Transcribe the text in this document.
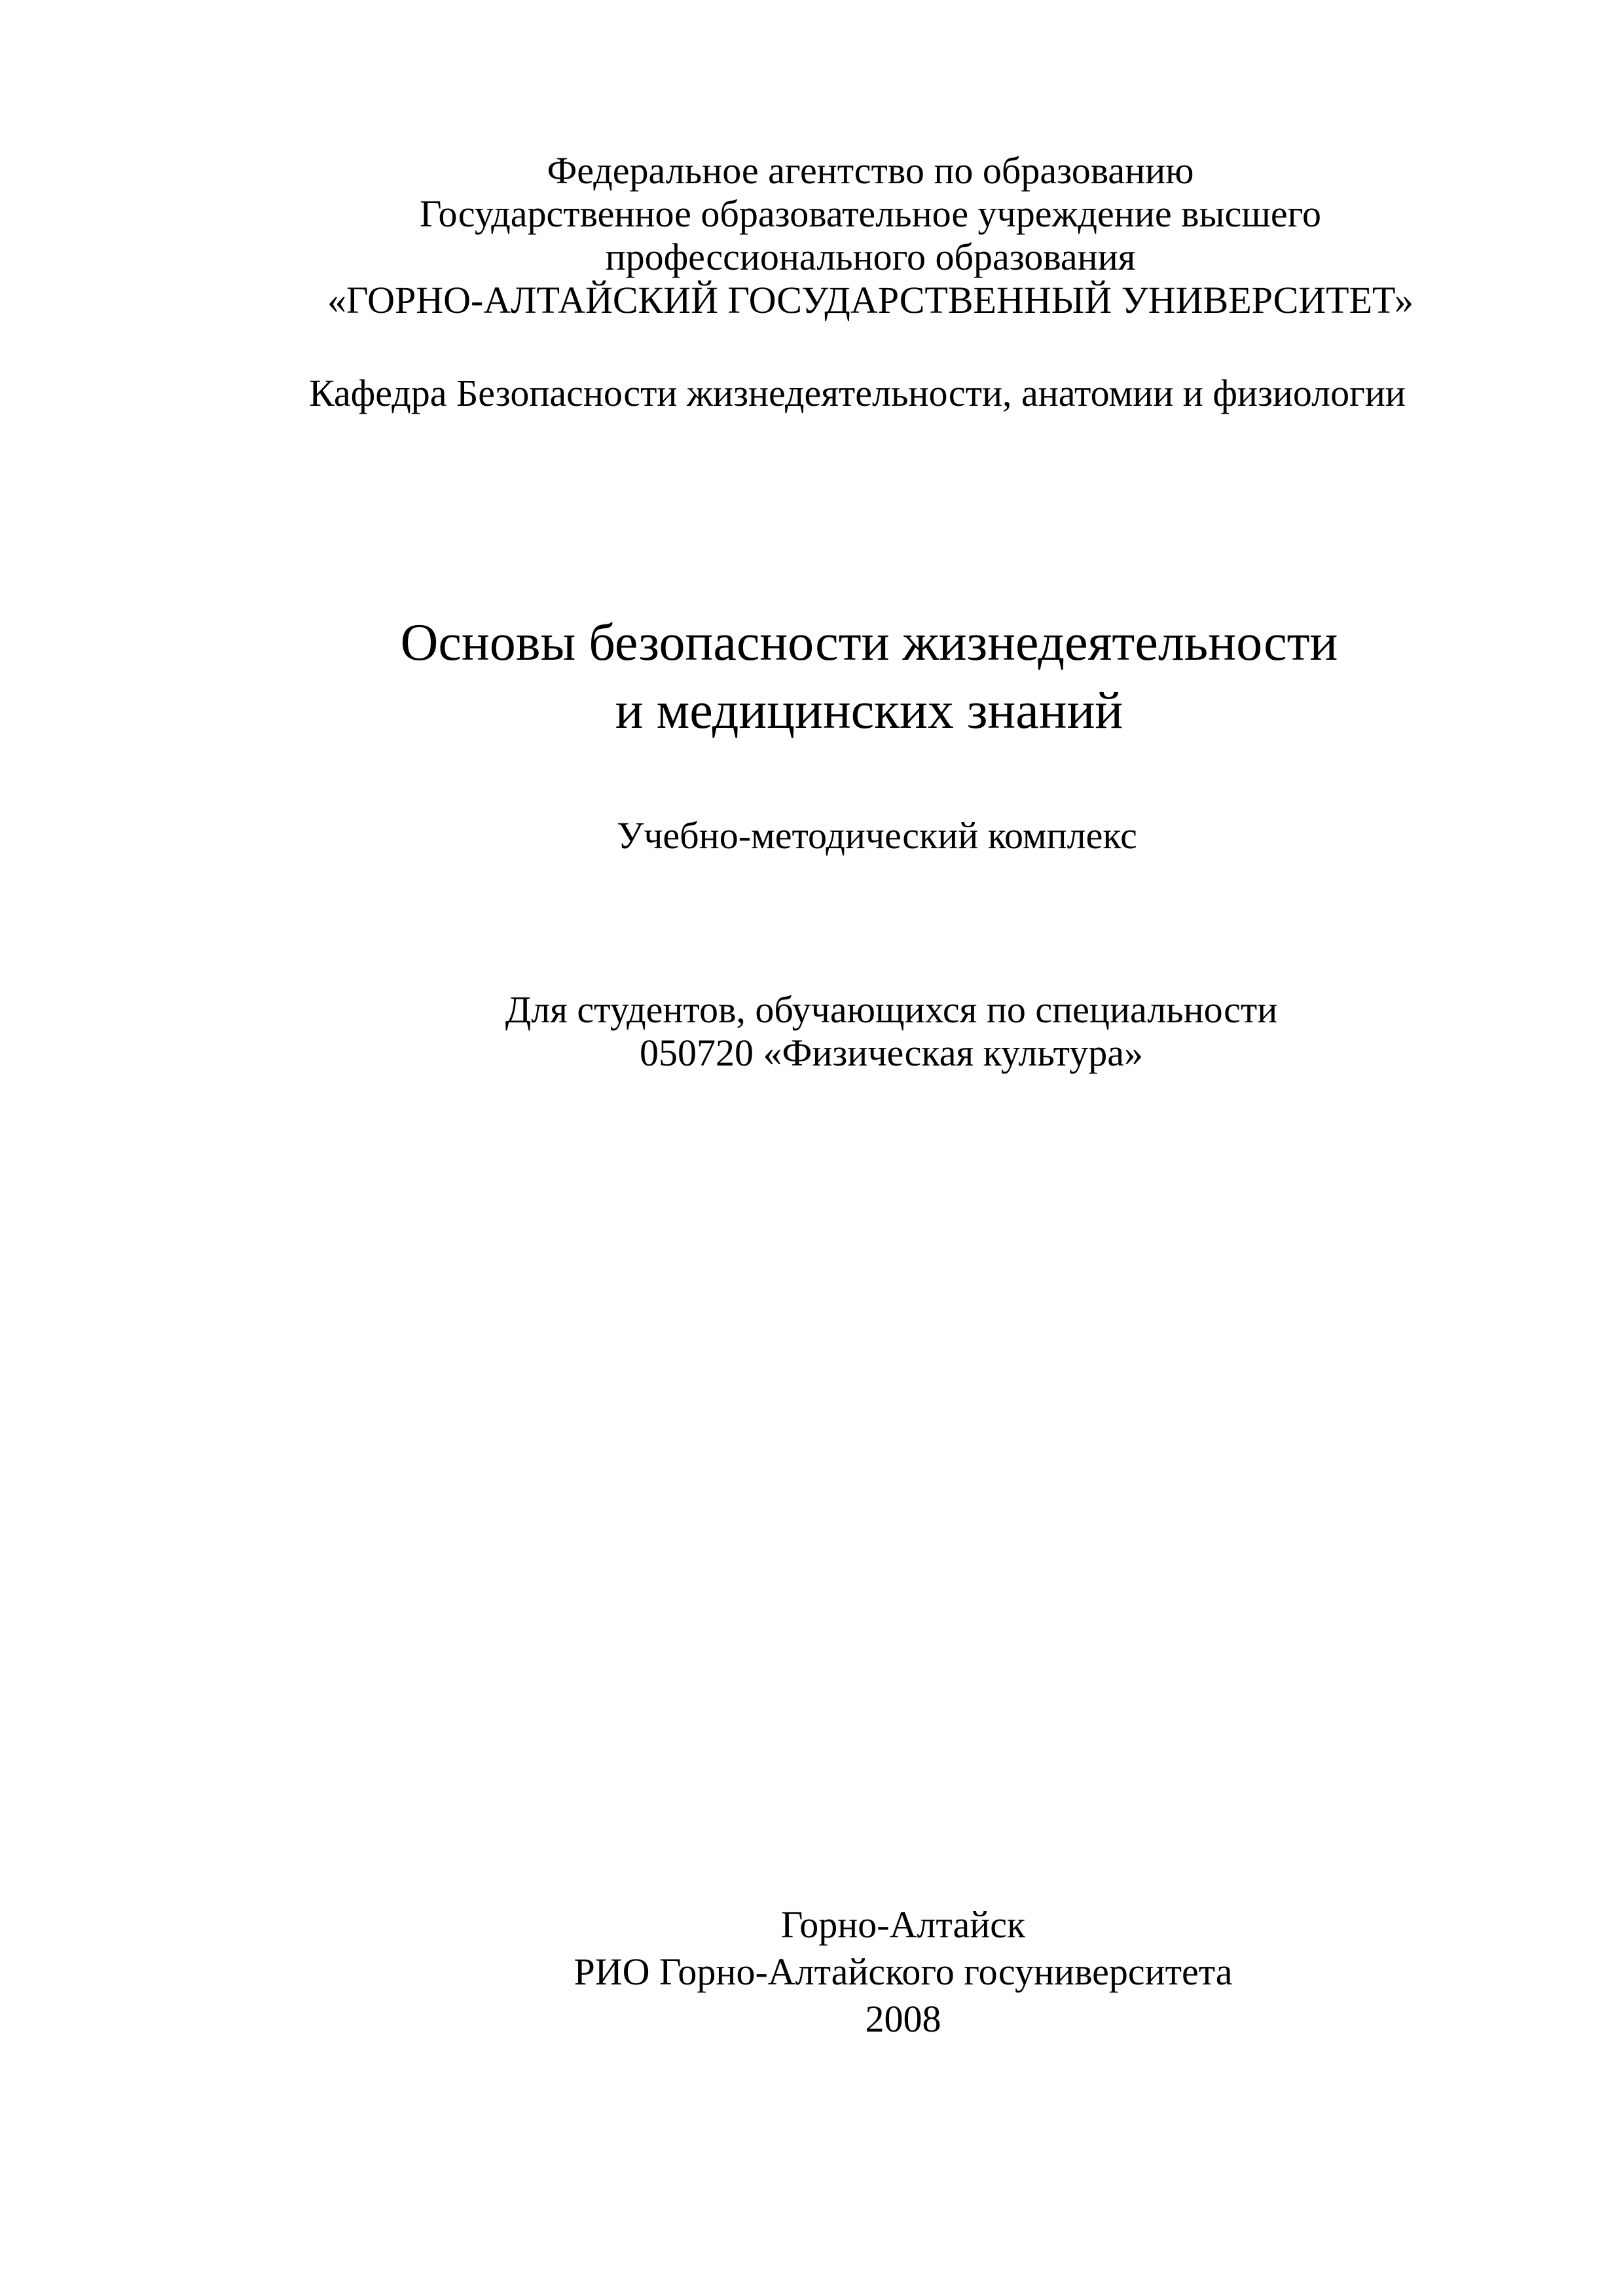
Федеральное агентство по образованию
Государственное образовательное учреждение высшего
профессионального образования
«ГОРНО-АЛТАЙСКИЙ ГОСУДАРСТВЕННЫЙ УНИВЕРСИТЕТ»
Кафедра Безопасности жизнедеятельности, анатомии и физиологии
Основы безопасности жизнедеятельности
и медицинских знаний
Учебно-методический комплекс
Для студентов, обучающихся по специальности
050720 «Физическая культура»
Горно-Алтайск
РИО Горно-Алтайского госуниверситета
2008
